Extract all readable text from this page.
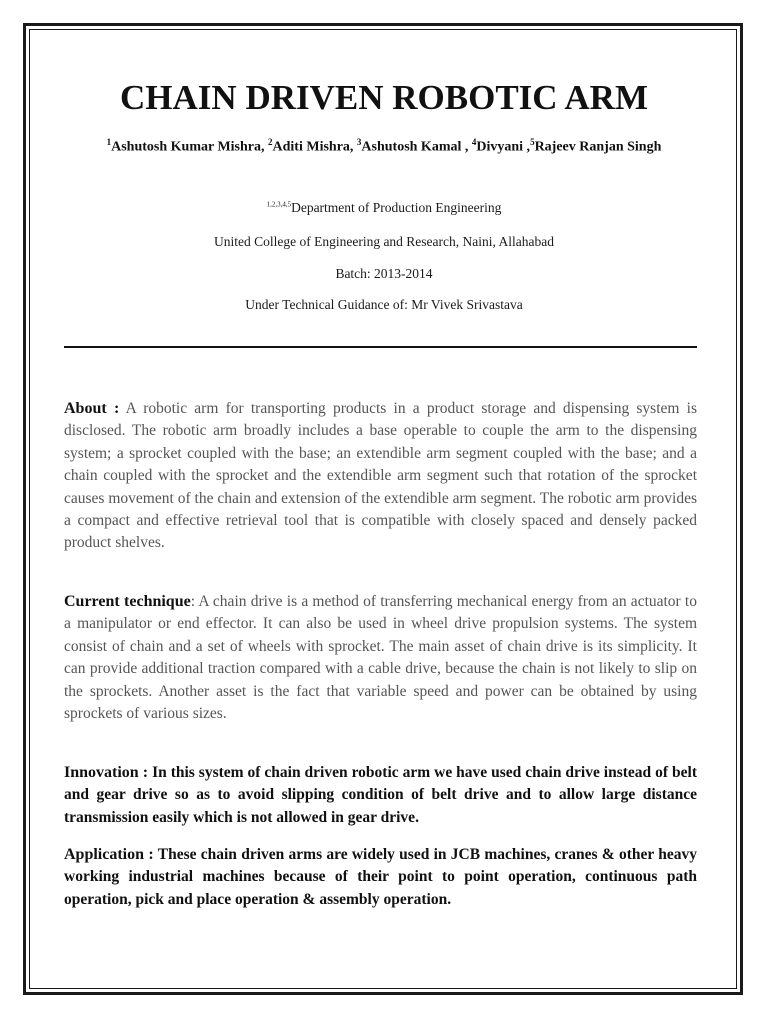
CHAIN DRIVEN ROBOTIC ARM
$^1$Ashutosh Kumar Mishra, $^2$Aditi Mishra, $^3$Ashutosh Kamal , $^4$Divyani ,$^5$Rajeev Ranjan Singh
$^{1,2,3,4,5}$Department of Production Engineering
United College of Engineering and Research, Naini, Allahabad
Batch: 2013-2014
Under Technical Guidance of: Mr Vivek Srivastava

About : A robotic arm for transporting products in a product storage and dispensing system is disclosed. The robotic arm broadly includes a base operable to couple the arm to the dispensing system; a sprocket coupled with the base; an extendible arm segment coupled with the base; and a chain coupled with the sprocket and the extendible arm segment such that rotation of the sprocket causes movement of the chain and extension of the extendible arm segment. The robotic arm provides a compact and effective retrieval tool that is compatible with closely spaced and densely packed product shelves.

Current technique: A chain drive is a method of transferring mechanical energy from an actuator to a manipulator or end effector. It can also be used in wheel drive propulsion systems. The system consist of chain and a set of wheels with sprocket. The main asset of chain drive is its simplicity. It can provide additional traction compared with a cable drive, because the chain is not likely to slip on the sprockets. Another asset is the fact that variable speed and power can be obtained by using sprockets of various sizes.

Innovation : In this system of chain driven robotic arm we have used chain drive instead of belt and gear drive so as to avoid slipping condition of belt drive and to allow large distance transmission easily which is not allowed in gear drive.

Application : These chain driven arms are widely used in JCB machines, cranes & other heavy working industrial machines because of their point to point operation, continuous path operation, pick and place operation & assembly operation.
